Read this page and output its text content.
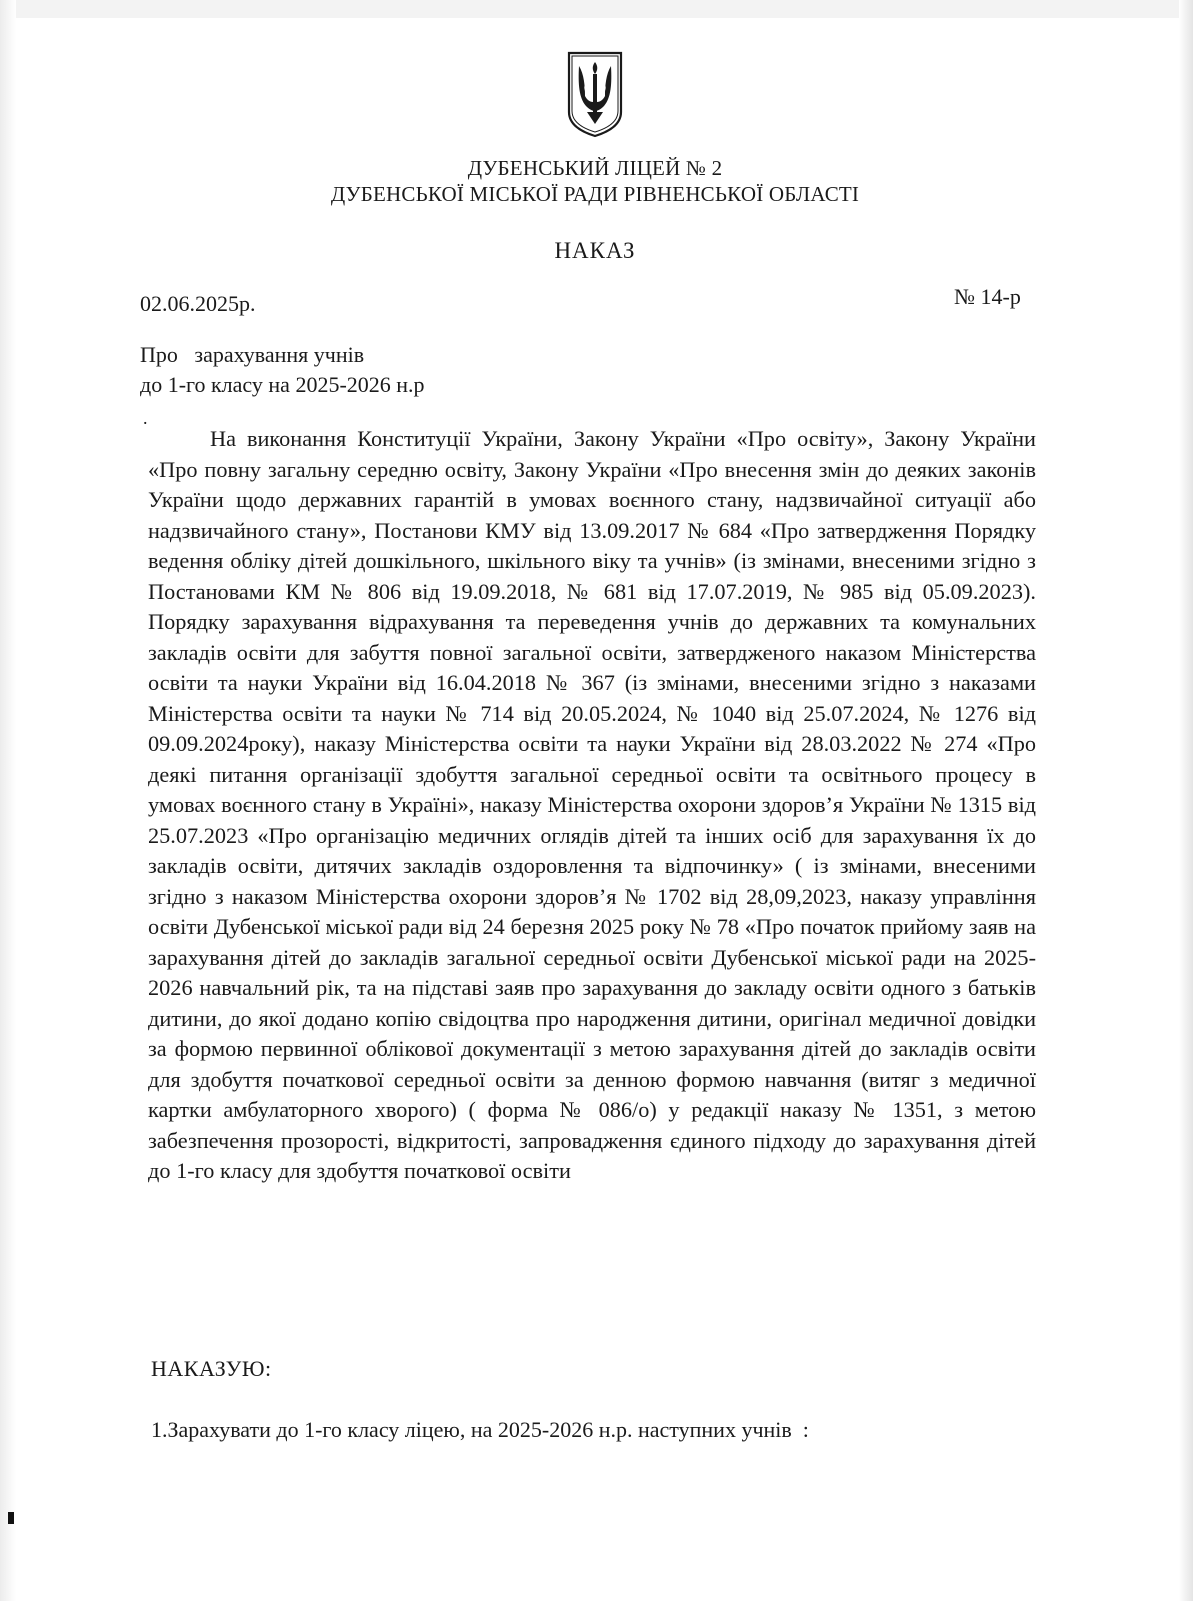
ДУБЕНСЬКИЙ ЛІЦЕЙ № 2
ДУБЕНСЬКОЇ МІСЬКОЇ РАДИ РІВНЕНСЬКОЇ ОБЛАСТІ
НАКАЗ
02.06.2025р.	№ 14-р
Про   зарахування учнів
до 1-го класу на 2025-2026 н.р
.

На виконання Конституції України, Закону України «Про освіту», Закону України «Про повну загальну середню освіту, Закону України «Про внесення змін до деяких законів України щодо державних гарантій в умовах воєнного стану, надзвичайної ситуації або надзвичайного стану», Постанови КМУ від 13.09.2017 № 684 «Про затвердження Порядку ведення обліку дітей дошкільного, шкільного віку та учнів» (із змінами, внесеними згідно з Постановами КМ № 806 від 19.09.2018, № 681 від 17.07.2019, № 985 від 05.09.2023). Порядку зарахування відрахування та переведення учнів до державних та комунальних закладів освіти для забуття повної загальної освіти, затвердженого наказом Міністерства освіти та науки України від 16.04.2018 № 367 (із змінами, внесеними згідно з наказами Міністерства освіти та науки № 714 від 20.05.2024, № 1040 від 25.07.2024, № 1276 від 09.09.2024року), наказу Міністерства освіти та науки України від 28.03.2022 № 274 «Про деякі питання організації здобуття загальної середньої освіти та освітнього процесу в умовах воєнного стану в Україні», наказу Міністерства охорони здоров’я України № 1315 від 25.07.2023 «Про організацію медичних оглядів дітей та інших осіб для зарахування їх до закладів освіти, дитячих закладів оздоровлення та відпочинку» ( із змінами, внесеними згідно з наказом Міністерства охорони здоров’я № 1702 від 28,09,2023, наказу управління освіти Дубенської міської ради від 24 березня 2025 року № 78 «Про початок прийому заяв на зарахування дітей до закладів загальної середньої освіти Дубенської міської ради на 2025-2026 навчальний рік, та на підставі заяв про зарахування до закладу освіти одного з батьків дитини, до якої додано копію свідоцтва про народження дитини, оригінал медичної довідки за формою первинної облікової документації з метою зарахування дітей до закладів освіти для здобуття початкової середньої освіти за денною формою навчання (витяг з медичної картки амбулаторного хворого) ( форма № 086/о) у редакції наказу № 1351, з метою забезпечення прозорості, відкритості, запровадження єдиного підходу до зарахування дітей до 1-го класу для здобуття початкової освіти

НАКАЗУЮ:
1.Зарахувати до 1-го класу ліцею, на 2025-2026 н.р. наступних учнів  :
